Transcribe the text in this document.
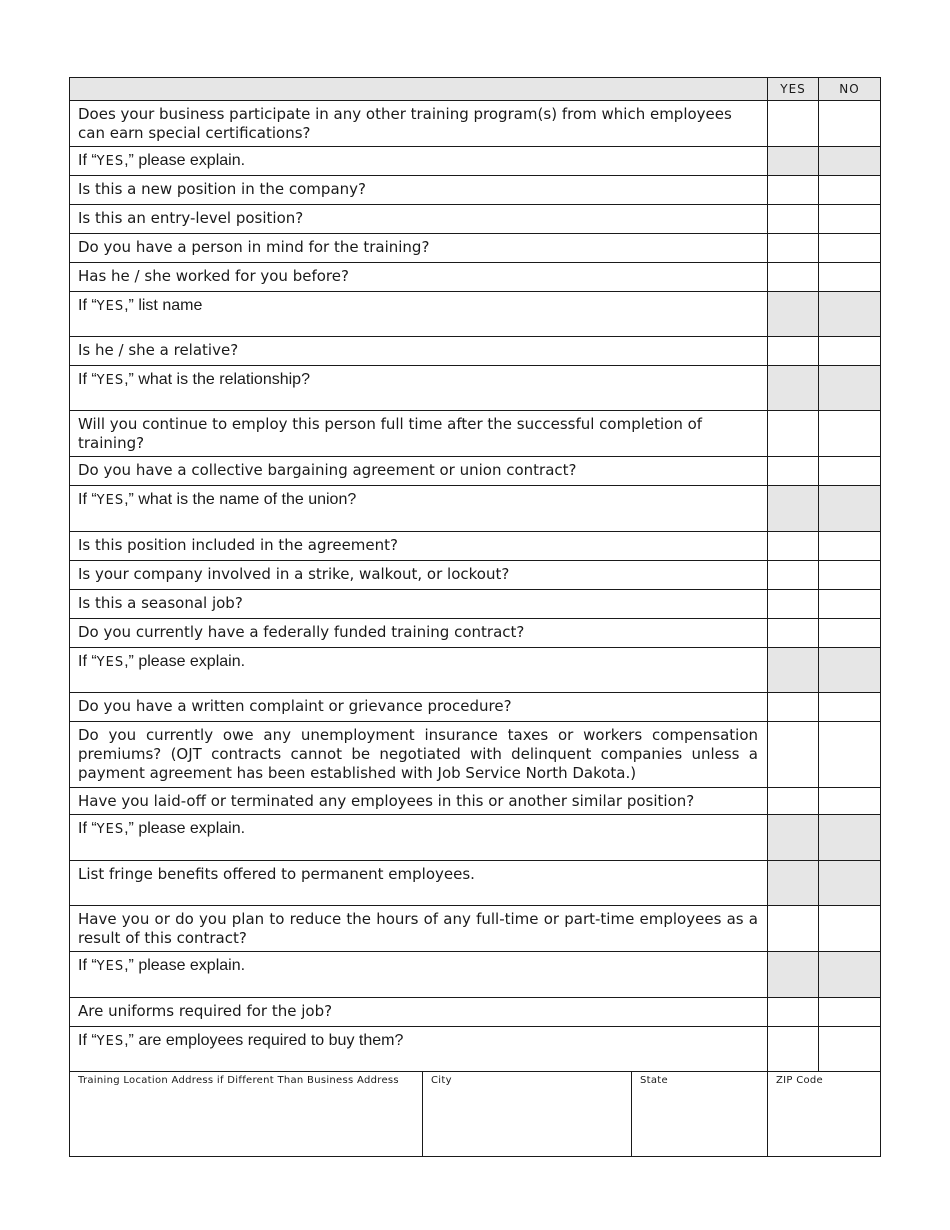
	YES	NO
Does your business participate in any other training program(s) from which employees can earn special certifications?		
If “YES,” please explain.		
Is this a new position in the company?		
Is this an entry-level position?		
Do you have a person in mind for the training?		
Has he / she worked for you before?		
If “YES,” list name		
Is he / she a relative?		
If “YES,” what is the relationship?		
Will you continue to employ this person full time after the successful completion of training?		
Do you have a collective bargaining agreement or union contract?		
If “YES,” what is the name of the union?		
Is this position included in the agreement?		
Is your company involved in a strike, walkout, or lockout?		
Is this a seasonal job?		
Do you currently have a federally funded training contract?		
If “YES,” please explain.		
Do you have a written complaint or grievance procedure?		
Do you currently owe any unemployment insurance taxes or workers compensation premiums? (OJT contracts cannot be negotiated with delinquent companies unless a payment agreement has been established with Job Service North Dakota.)		
Have you laid-off or terminated any employees in this or another similar position?		
If “YES,” please explain.		
List fringe benefits offered to permanent employees.		
Have you or do you plan to reduce the hours of any full-time or part-time employees as a result of this contract?		
If “YES,” please explain.		
Are uniforms required for the job?		
If “YES,” are employees required to buy them?		
Training Location Address if Different Than Business Address	City	State	ZIP Code
